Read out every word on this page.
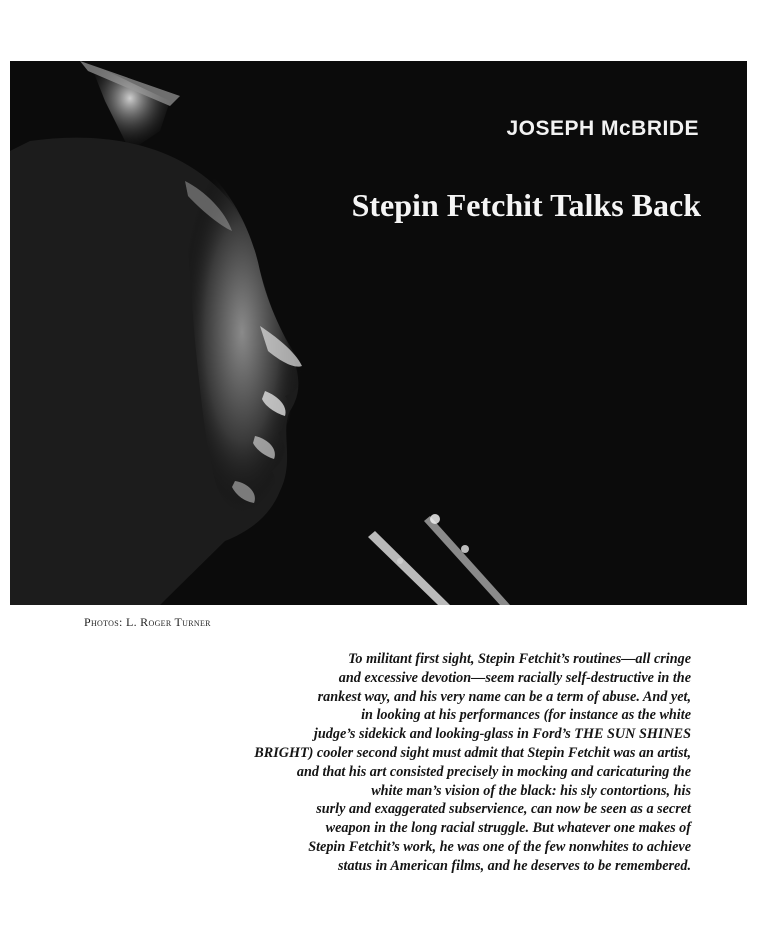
JOSEPH McBRIDE
Stepin Fetchit Talks Back
Photos: L. Roger Turner
To militant first sight, Stepin Fetchit’s routines—all cringe
and excessive devotion—seem racially self-destructive in the
rankest way, and his very name can be a term of abuse. And yet,
in looking at his performances (for instance as the white
judge’s sidekick and looking-glass in Ford’s THE SUN SHINES
BRIGHT) cooler second sight must admit that Stepin Fetchit was an artist,
and that his art consisted precisely in mocking and caricaturing the
white man’s vision of the black: his sly contortions, his
surly and exaggerated subservience, can now be seen as a secret
weapon in the long racial struggle. But whatever one makes of
Stepin Fetchit’s work, he was one of the few nonwhites to achieve
status in American films, and he deserves to be remembered.
